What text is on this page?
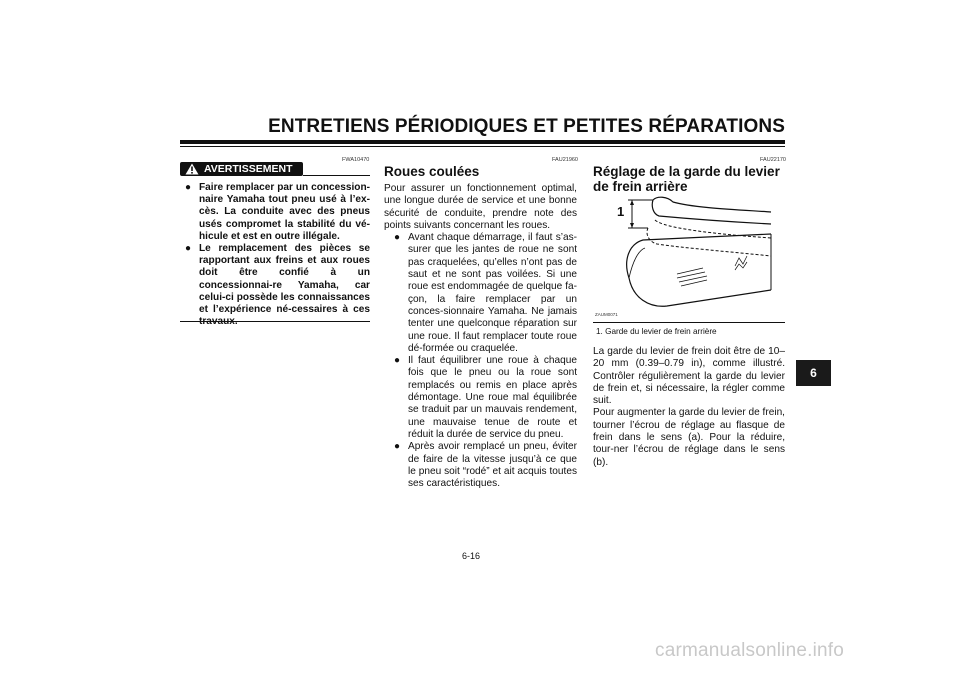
ENTRETIENS PÉRIODIQUES ET PETITES RÉPARATIONS
FWA10470
AVERTISSEMENT
● Faire remplacer par un concession-naire Yamaha tout pneu usé à l’ex-cès. La conduite avec des pneus usés compromet la stabilité du vé-hicule et est en outre illégale.
● Le remplacement des pièces se rapportant aux freins et aux roues doit être confié à un concessionnai-re Yamaha, car celui-ci possède les connaissances et l’expérience né-cessaires à ces
FAU21960
Roues coulées
Pour assurer un fonctionnement optimal, une longue durée de service et une bonne sécurité de conduite, prendre note des points suivants concernant les roues.
● Avant chaque démarrage, il faut s’as-surer que les jantes de roue ne sont pas craquelées, qu’elles n’ont pas de saut et ne sont pas voilées. Si une roue est endommagée de quelque fa-çon, la faire remplacer par un conces-sionnaire Yamaha. Ne jamais tenter une quelconque réparation sur une roue. Il faut remplacer toute roue dé-formée ou craquelée.
● Il faut équilibrer une roue à chaque fois que le pneu ou la roue sont remplacés ou remis en place après démontage. Une roue mal équilibrée se traduit par un mauvais rendement, une mauvaise tenue de route et réduit la durée de service du pneu.
● Après avoir remplacé un pneu, éviter de faire de la vitesse jusqu’à ce que le pneu soit “rodé” et ait acquis toutes ses caractéristiques.
FAU22170
Réglage de la garde du levier de frein arrière
1
ZAUM0071
1. Garde du levier de frein arrière
La garde du levier de frein doit être de 10–20 mm (0.39–0.79 in), comme illustré. Contrôler régulièrement la garde du levier de frein et, si nécessaire, la régler comme suit.
Pour augmenter la garde du levier de frein, tourner l’écrou de réglage au flasque de frein dans le sens (a). Pour la réduire, tour-ner l’écrou de réglage dans le sens (b).
6
6-16
carmanualsonline.info
